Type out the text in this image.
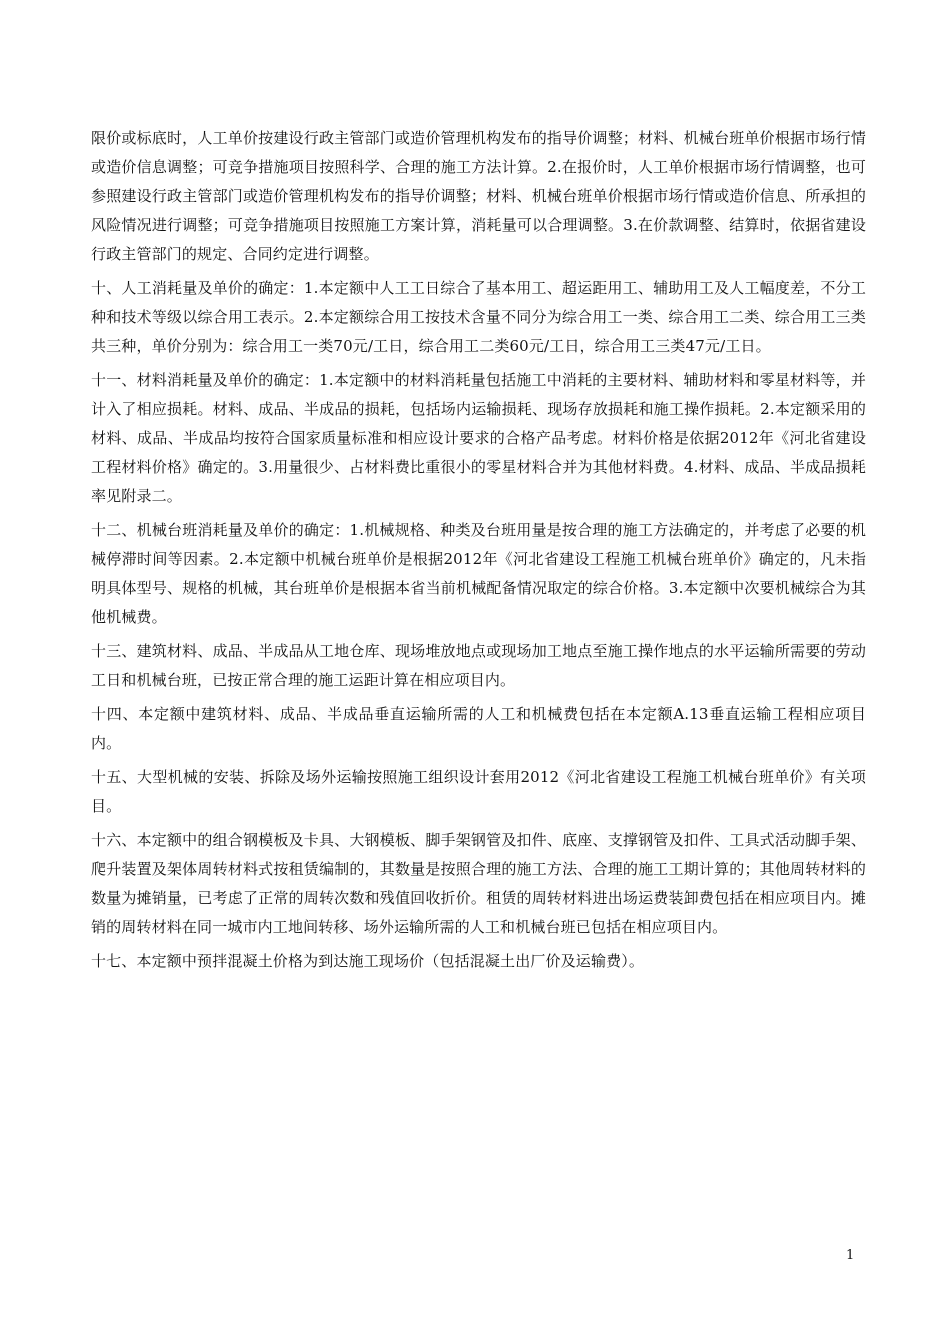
限价或标底时，人工单价按建设行政主管部门或造价管理机构发布的指导价调整；材料、机械台班单价根据市场行情或造价信息调整；可竞争措施项目按照科学、合理的施工方法计算。2.在报价时，人工单价根据市场行情调整，也可参照建设行政主管部门或造价管理机构发布的指导价调整；材料、机械台班单价根据市场行情或造价信息、所承担的风险情况进行调整；可竞争措施项目按照施工方案计算，消耗量可以合理调整。3.在价款调整、结算时，依据省建设行政主管部门的规定、合同约定进行调整。

十、人工消耗量及单价的确定：1.本定额中人工工日综合了基本用工、超运距用工、辅助用工及人工幅度差，不分工种和技术等级以综合用工表示。2.本定额综合用工按技术含量不同分为综合用工一类、综合用工二类、综合用工三类共三种，单价分别为：综合用工一类70元/工日，综合用工二类60元/工日，综合用工三类47元/工日。

十一、材料消耗量及单价的确定：1.本定额中的材料消耗量包括施工中消耗的主要材料、辅助材料和零星材料等，并计入了相应损耗。材料、成品、半成品的损耗，包括场内运输损耗、现场存放损耗和施工操作损耗。2.本定额采用的材料、成品、半成品均按符合国家质量标准和相应设计要求的合格产品考虑。材料价格是依据2012年《河北省建设工程材料价格》确定的。3.用量很少、占材料费比重很小的零星材料合并为其他材料费。4.材料、成品、半成品损耗率见附录二。

十二、机械台班消耗量及单价的确定：1.机械规格、种类及台班用量是按合理的施工方法确定的，并考虑了必要的机械停滞时间等因素。2.本定额中机械台班单价是根据2012年《河北省建设工程施工机械台班单价》确定的，凡未指明具体型号、规格的机械，其台班单价是根据本省当前机械配备情况取定的综合价格。3.本定额中次要机械综合为其他机械费。

十三、建筑材料、成品、半成品从工地仓库、现场堆放地点或现场加工地点至施工操作地点的水平运输所需要的劳动工日和机械台班，已按正常合理的施工运距计算在相应项目内。

十四、本定额中建筑材料、成品、半成品垂直运输所需的人工和机械费包括在本定额A.13垂直运输工程相应项目内。

十五、大型机械的安装、拆除及场外运输按照施工组织设计套用2012《河北省建设工程施工机械台班单价》有关项目。

十六、本定额中的组合钢模板及卡具、大钢模板、脚手架钢管及扣件、底座、支撑钢管及扣件、工具式活动脚手架、爬升装置及架体周转材料式按租赁编制的，其数量是按照合理的施工方法、合理的施工工期计算的；其他周转材料的数量为摊销量，已考虑了正常的周转次数和残值回收折价。租赁的周转材料进出场运费装卸费包括在相应项目内。摊销的周转材料在同一城市内工地间转移、场外运输所需的人工和机械台班已包括在相应项目内。

十七、本定额中预拌混凝土价格为到达施工现场价（包括混凝土出厂价及运输费）。

1
